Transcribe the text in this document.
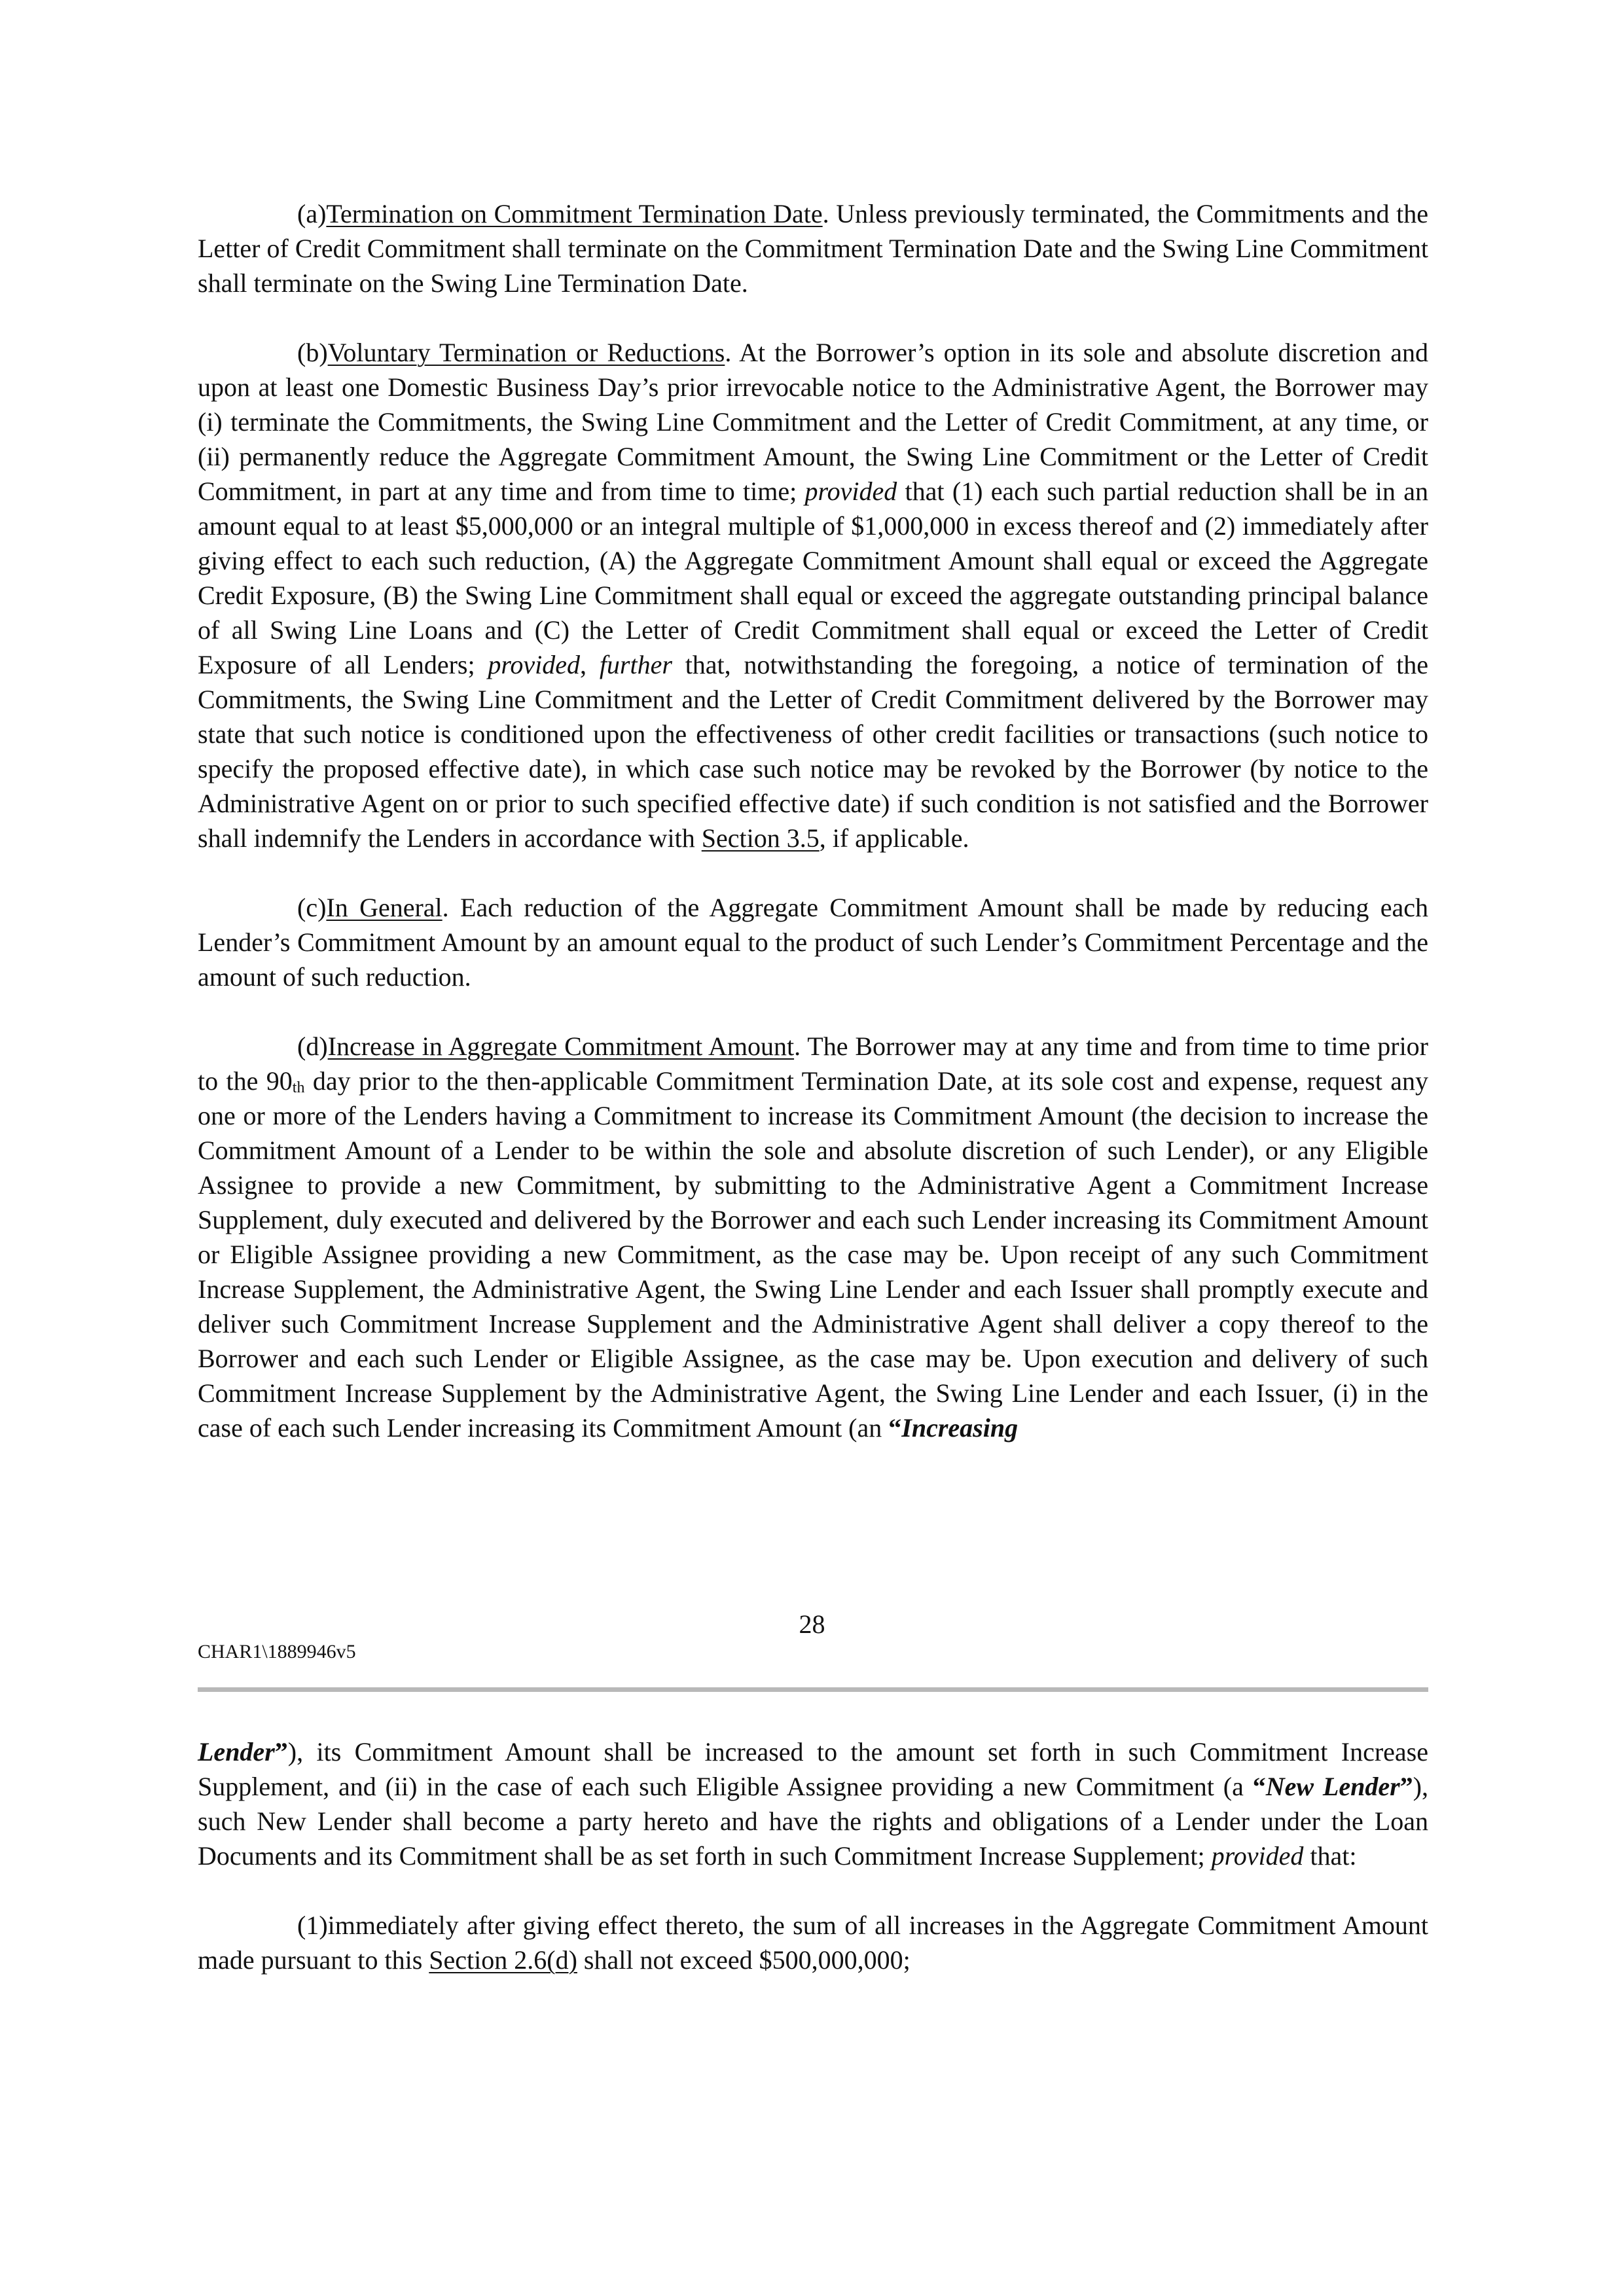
(a)Termination on Commitment Termination Date. Unless previously terminated, the Commitments and the Letter of Credit Commitment shall terminate on the Commitment Termination Date and the Swing Line Commitment shall terminate on the Swing Line Termination Date.

(b)Voluntary Termination or Reductions. At the Borrower’s option in its sole and absolute discretion and upon at least one Domestic Business Day’s prior irrevocable notice to the Administrative Agent, the Borrower may (i) terminate the Commitments, the Swing Line Commitment and the Letter of Credit Commitment, at any time, or (ii) permanently reduce the Aggregate Commitment Amount, the Swing Line Commitment or the Letter of Credit Commitment, in part at any time and from time to time; provided that (1) each such partial reduction shall be in an amount equal to at least $5,000,000 or an integral multiple of $1,000,000 in excess thereof and (2) immediately after giving effect to each such reduction, (A) the Aggregate Commitment Amount shall equal or exceed the Aggregate Credit Exposure, (B) the Swing Line Commitment shall equal or exceed the aggregate outstanding principal balance of all Swing Line Loans and (C) the Letter of Credit Commitment shall equal or exceed the Letter of Credit Exposure of all Lenders; provided, further that, notwithstanding the foregoing, a notice of termination of the Commitments, the Swing Line Commitment and the Letter of Credit Commitment delivered by the Borrower may state that such notice is conditioned upon the effectiveness of other credit facilities or transactions (such notice to specify the proposed effective date), in which case such notice may be revoked by the Borrower (by notice to the Administrative Agent on or prior to such specified effective date) if such condition is not satisfied and the Borrower shall indemnify the Lenders in accordance with Section 3.5, if applicable.

(c)In General. Each reduction of the Aggregate Commitment Amount shall be made by reducing each Lender’s Commitment Amount by an amount equal to the product of such Lender’s Commitment Percentage and the amount of such reduction.

(d)Increase in Aggregate Commitment Amount. The Borrower may at any time and from time to time prior to the $90_{th}$ day prior to the then-applicable Commitment Termination Date, at its sole cost and expense, request any one or more of the Lenders having a Commitment to increase its Commitment Amount (the decision to increase the Commitment Amount of a Lender to be within the sole and absolute discretion of such Lender), or any Eligible Assignee to provide a new Commitment, by submitting to the Administrative Agent a Commitment Increase Supplement, duly executed and delivered by the Borrower and each such Lender increasing its Commitment Amount or Eligible Assignee providing a new Commitment, as the case may be. Upon receipt of any such Commitment Increase Supplement, the Administrative Agent, the Swing Line Lender and each Issuer shall promptly execute and deliver such Commitment Increase Supplement and the Administrative Agent shall deliver a copy thereof to the Borrower and each such Lender or Eligible Assignee, as the case may be. Upon execution and delivery of such Commitment Increase Supplement by the Administrative Agent, the Swing Line Lender and each Issuer, (i) in the case of each such Lender increasing its Commitment Amount (an “Increasing

28
CHAR1\1889946v5

Lender”), its Commitment Amount shall be increased to the amount set forth in such Commitment Increase Supplement, and (ii) in the case of each such Eligible Assignee providing a new Commitment (a “New Lender”), such New Lender shall become a party hereto and have the rights and obligations of a Lender under the Loan Documents and its Commitment shall be as set forth in such Commitment Increase Supplement; provided that:

(1)immediately after giving effect thereto, the sum of all increases in the Aggregate Commitment Amount made pursuant to this Section 2.6(d) shall not exceed $500,000,000;
